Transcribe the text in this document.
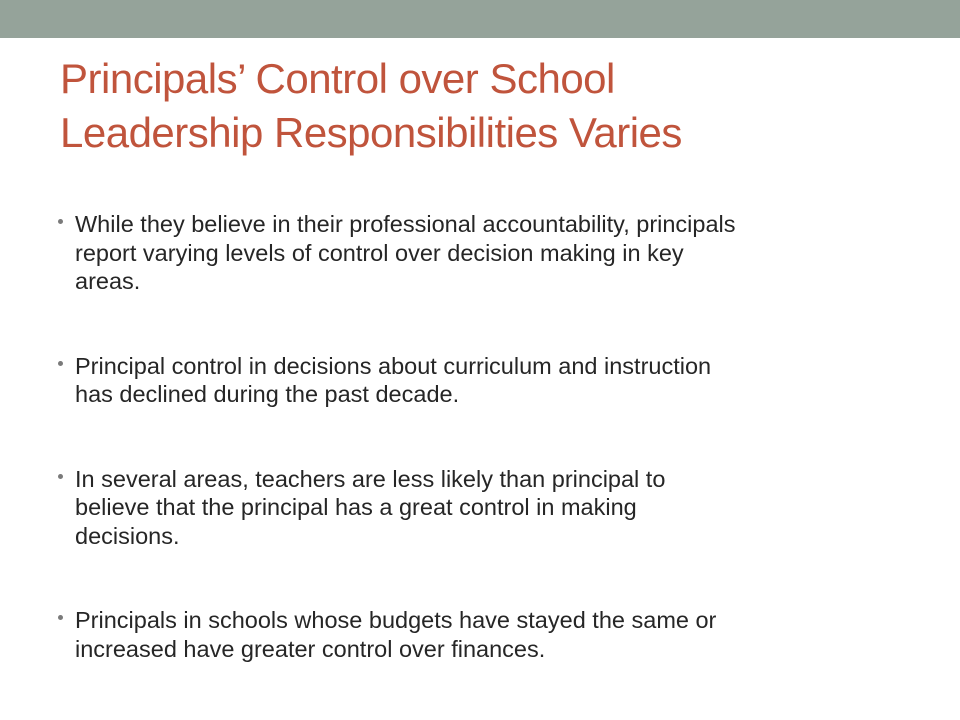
Principals’ Control over School
Leadership Responsibilities Varies
While they believe in their professional accountability, principals
report varying levels of control over decision making in key
areas.
Principal control in decisions about curriculum and instruction
has declined during the past decade.
In several areas, teachers are less likely than principal to
believe that the principal has a great control in making
decisions.
Principals in schools whose budgets have stayed the same or
increased have greater control over finances.
